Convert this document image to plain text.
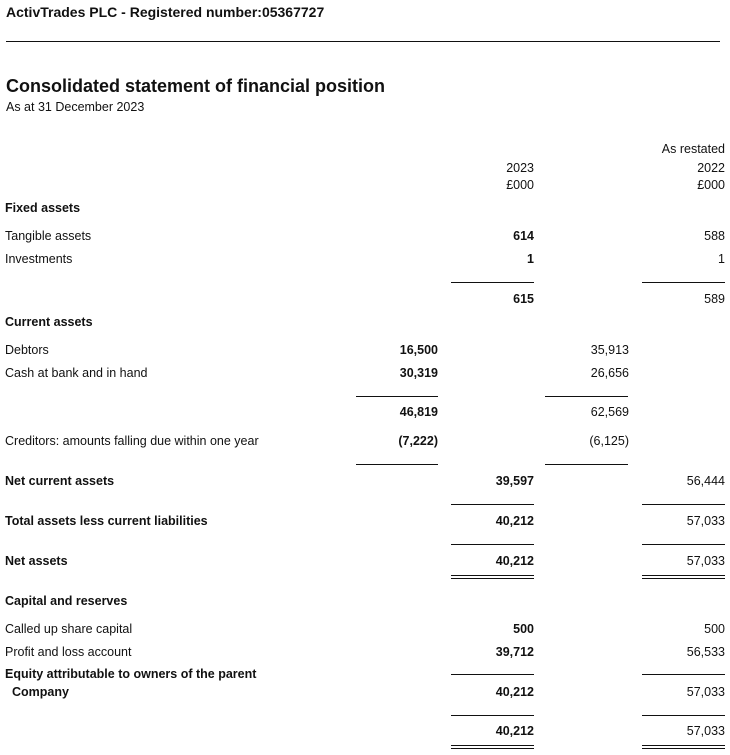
ActivTrades PLC - Registered number:05367727
Consolidated statement of financial position
As at 31 December 2023
As restated
2023	2022
£000	£000
Fixed assets
Tangible assets	614	588
Investments	1	1
615	589
Current assets
Debtors	16,500	35,913
Cash at bank and in hand	30,319	26,656
46,819	62,569
Creditors: amounts falling due within one year	(7,222)	(6,125)
Net current assets	39,597	56,444
Total assets less current liabilities	40,212	57,033
Net assets	40,212	57,033
Capital and reserves
Called up share capital	500	500
Profit and loss account	39,712	56,533
Equity attributable to owners of the parent
Company	40,212	57,033
40,212	57,033
